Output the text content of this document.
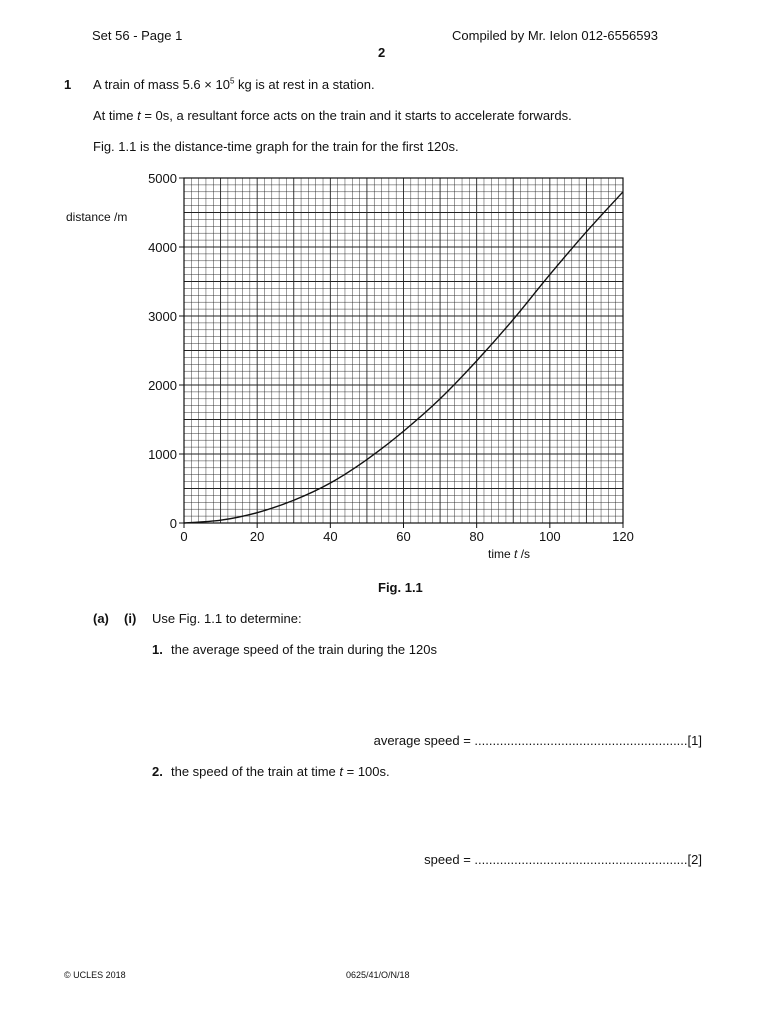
Set 56 - Page 1	Compiled by Mr. Ielon 012-6556593
2
1 A train of mass $5.6 \times 10^5$ kg is at rest in a station.
At time t = 0s, a resultant force acts on the train and it starts to accelerate forwards.
Fig. 1.1 is the distance-time graph for the train for the first 120s.
0	20	40	60	80	100	120
0
1000
2000
3000
4000
5000
distance /m
time t /s
Fig. 1.1
(a) (i) Use Fig. 1.1 to determine:
1. the average speed of the train during the 120s
average speed = ...........................................................[1]
2. the speed of the train at time t = 100s.
speed = ...........................................................[2]
© UCLES 2018	0625/41/O/N/18
